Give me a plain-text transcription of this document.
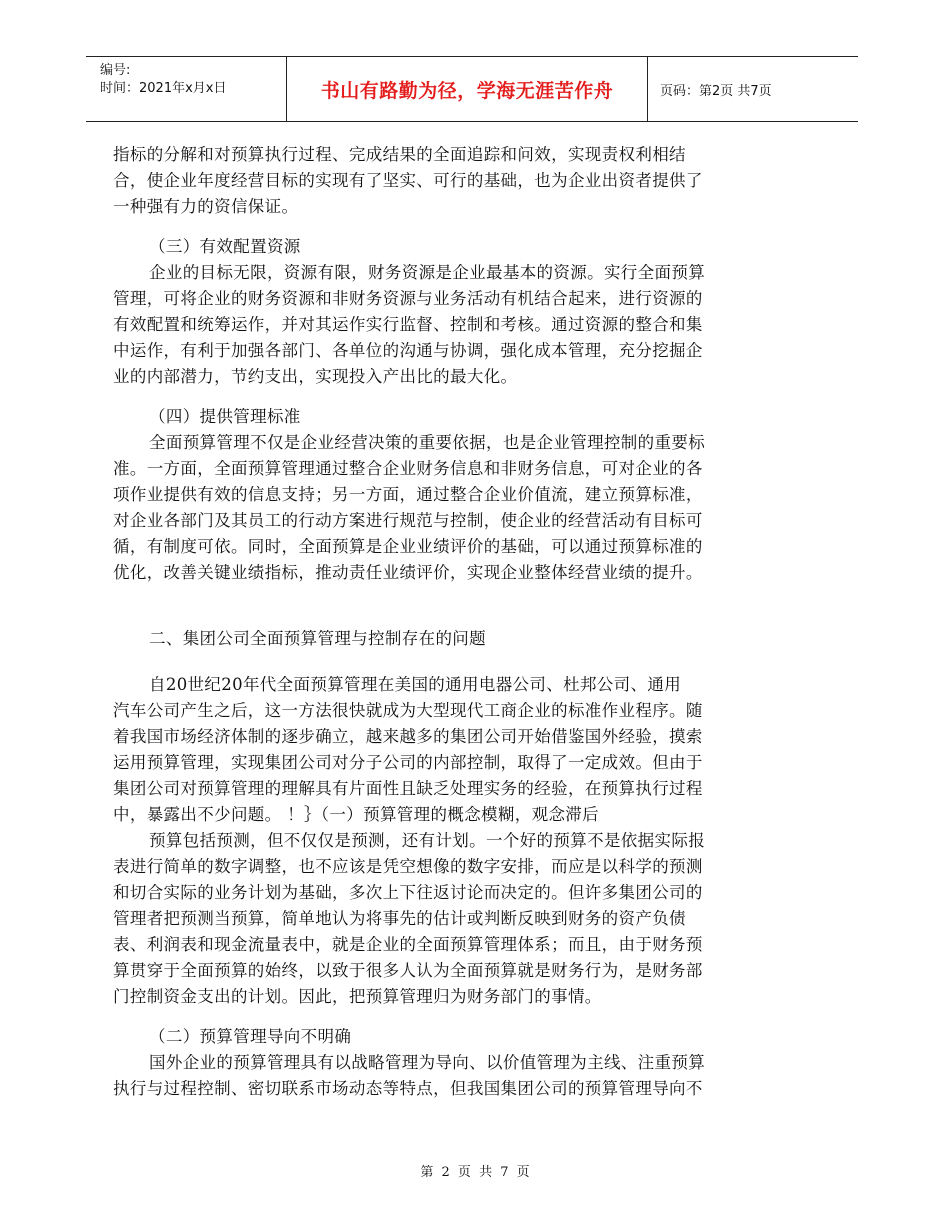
编号:
时间：2021年x月x日	书山有路勤为径，学海无涯苦作舟	页码：第2页 共7页
指标的分解和对预算执行过程、完成结果的全面追踪和问效，实现责权利相结
合，使企业年度经营目标的实现有了坚实、可行的基础，也为企业出资者提供了
一种强有力的资信保证。
（三）有效配置资源
企业的目标无限，资源有限，财务资源是企业最基本的资源。实行全面预算
管理，可将企业的财务资源和非财务资源与业务活动有机结合起来，进行资源的
有效配置和统筹运作，并对其运作实行监督、控制和考核。通过资源的整合和集
中运作，有利于加强各部门、各单位的沟通与协调，强化成本管理，充分挖掘企
业的内部潜力，节约支出，实现投入产出比的最大化。
（四）提供管理标准
全面预算管理不仅是企业经营决策的重要依据，也是企业管理控制的重要标
准。一方面，全面预算管理通过整合企业财务信息和非财务信息，可对企业的各
项作业提供有效的信息支持；另一方面，通过整合企业价值流，建立预算标准，
对企业各部门及其员工的行动方案进行规范与控制，使企业的经营活动有目标可
循，有制度可依。同时，全面预算是企业业绩评价的基础，可以通过预算标准的
优化，改善关键业绩指标，推动责任业绩评价，实现企业整体经营业绩的提升。
二、集团公司全面预算管理与控制存在的问题
自20世纪20年代全面预算管理在美国的通用电器公司、杜邦公司、通用
汽车公司产生之后，这一方法很快就成为大型现代工商企业的标准作业程序。随
着我国市场经济体制的逐步确立，越来越多的集团公司开始借鉴国外经验，摸索
运用预算管理，实现集团公司对分子公司的内部控制，取得了一定成效。但由于
集团公司对预算管理的理解具有片面性且缺乏处理实务的经验，在预算执行过程
中，暴露出不少问题。 ！｝（一）预算管理的概念模糊，观念滞后
预算包括预测，但不仅仅是预测，还有计划。一个好的预算不是依据实际报
表进行简单的数字调整，也不应该是凭空想像的数字安排，而应是以科学的预测
和切合实际的业务计划为基础，多次上下往返讨论而决定的。但许多集团公司的
管理者把预测当预算，简单地认为将事先的估计或判断反映到财务的资产负债
表、利润表和现金流量表中，就是企业的全面预算管理体系；而且，由于财务预
算贯穿于全面预算的始终，以致于很多人认为全面预算就是财务行为，是财务部
门控制资金支出的计划。因此，把预算管理归为财务部门的事情。
（二）预算管理导向不明确
国外企业的预算管理具有以战略管理为导向、以价值管理为主线、注重预算
执行与过程控制、密切联系市场动态等特点，但我国集团公司的预算管理导向不
第 2 页 共 7 页
